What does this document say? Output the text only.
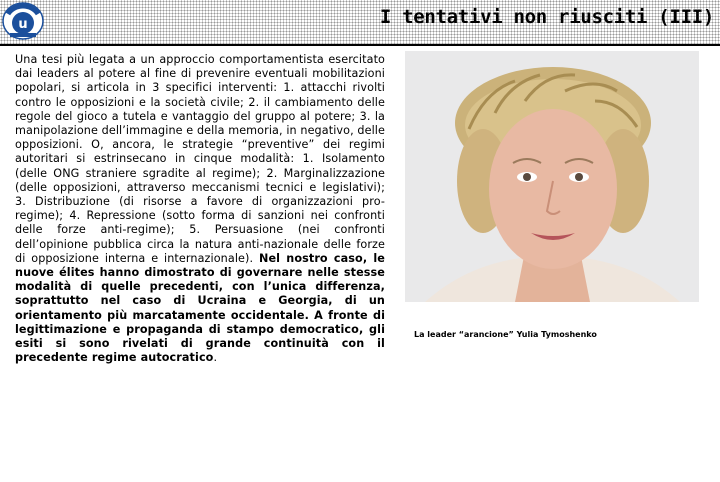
u	I tentativi non riusciti (III)
Una tesi più legata a un approccio comportamentista esercitato dai leaders al potere al fine di prevenire eventuali mobilitazioni popolari, si articola in 3 specifici interventi: 1. attacchi rivolti contro le opposizioni e la società civile; 2. il cambiamento delle regole del gioco a tutela e vantaggio del gruppo al potere; 3. la manipolazione dell’immagine e della memoria, in negativo, delle opposizioni. O, ancora, le strategie “preventive” dei regimi autoritari si estrinsecano in cinque modalità: 1. Isolamento (delle ONG straniere sgradite al regime); 2. Marginalizzazione (delle opposizioni, attraverso meccanismi tecnici e legislativi); 3. Distribuzione (di risorse a favore di organizzazioni pro-regime); 4. Repressione (sotto forma di sanzioni nei confronti delle forze anti-regime); 5. Persuasione (nei confronti dell’opinione pubblica circa la natura anti-nazionale delle forze di opposizione interna e internazionale). Nel nostro caso, le nuove élites hanno dimostrato di governare nelle stesse modalità di quelle precedenti, con l’unica differenza, soprattutto nel caso di Ucraina e Georgia, di un orientamento più marcatamente occidentale. A fronte di legittimazione e propaganda di stampo democratico, gli esiti si sono rivelati di grande continuità con il precedente regime autocratico.
La leader “arancione” Yulia Tymoshenko
